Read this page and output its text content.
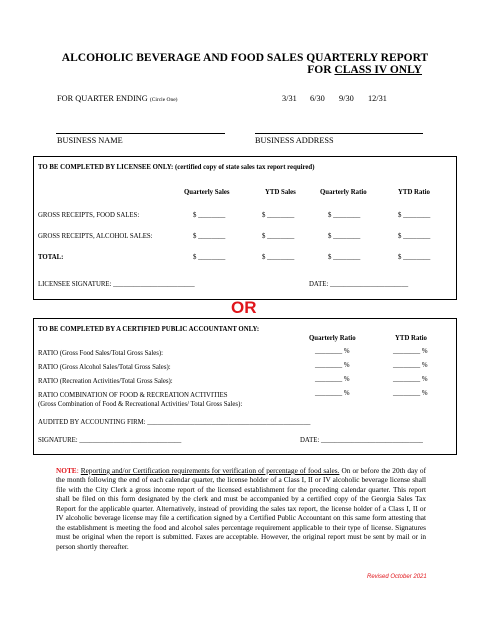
ALCOHOLIC BEVERAGE AND FOOD SALES QUARTERLY REPORT
FOR CLASS IV ONLY
FOR QUARTER ENDING (Circle One)	3/31 6/30 9/30 12/31
BUSINESS NAME	BUSINESS ADDRESS
TO BE COMPLETED BY LICENSEE ONLY: (certified copy of state sales tax report required)
Quarterly Sales	YTD Sales	Quarterly Ratio	YTD Ratio
GROSS RECEIPTS, FOOD SALES:	$ ________	$ ________	$ ________	$ ________
GROSS RECEIPTS, ALCOHOL SALES:	$ ________	$ ________	$ ________	$ ________
TOTAL:	$ ________	$ ________	$ ________	$ ________
LICENSEE SIGNATURE: ________________________	DATE: _______________________
OR
TO BE COMPLETED BY A CERTIFIED PUBLIC ACCOUNTANT ONLY:
Quarterly Ratio	YTD Ratio
RATIO (Gross Food Sales/Total Gross Sales):	________ %	________ %
RATIO (Gross Alcohol Sales/Total Gross Sales):	________ %	________ %
RATIO (Recreation Activities/Total Gross Sales):	________ %	________ %
RATIO COMBINATION OF FOOD & RECREATION ACTIVITIES	________ %	________ %
(Gross Combination of Food & Recreational Activities/ Total Gross Sales):
AUDITED BY ACCOUNTING FIRM: ________________________________________________
SIGNATURE: ______________________________	DATE: ______________________________
NOTE: Reporting and/or Certification requirements for verification of percentage of food sales. On or before the 20th day of the month following the end of each calendar quarter, the license holder of a Class I, II or IV alcoholic beverage license shall file with the City Clerk a gross income report of the licensed establishment for the preceding calendar quarter. This report shall be filed on this form designated by the clerk and must be accompanied by a certified copy of the Georgia Sales Tax Report for the applicable quarter. Alternatively, instead of providing the sales tax report, the license holder of a Class I, II or IV alcoholic beverage license may file a certification signed by a Certified Public Accountant on this same form attesting that the establishment is meeting the food and alcohol sales percentage requirement applicable to their type of license. Signatures must be original when the report is submitted. Faxes are acceptable. However, the original report must be sent by mail or in person shortly thereafter.
Revised October 2021
